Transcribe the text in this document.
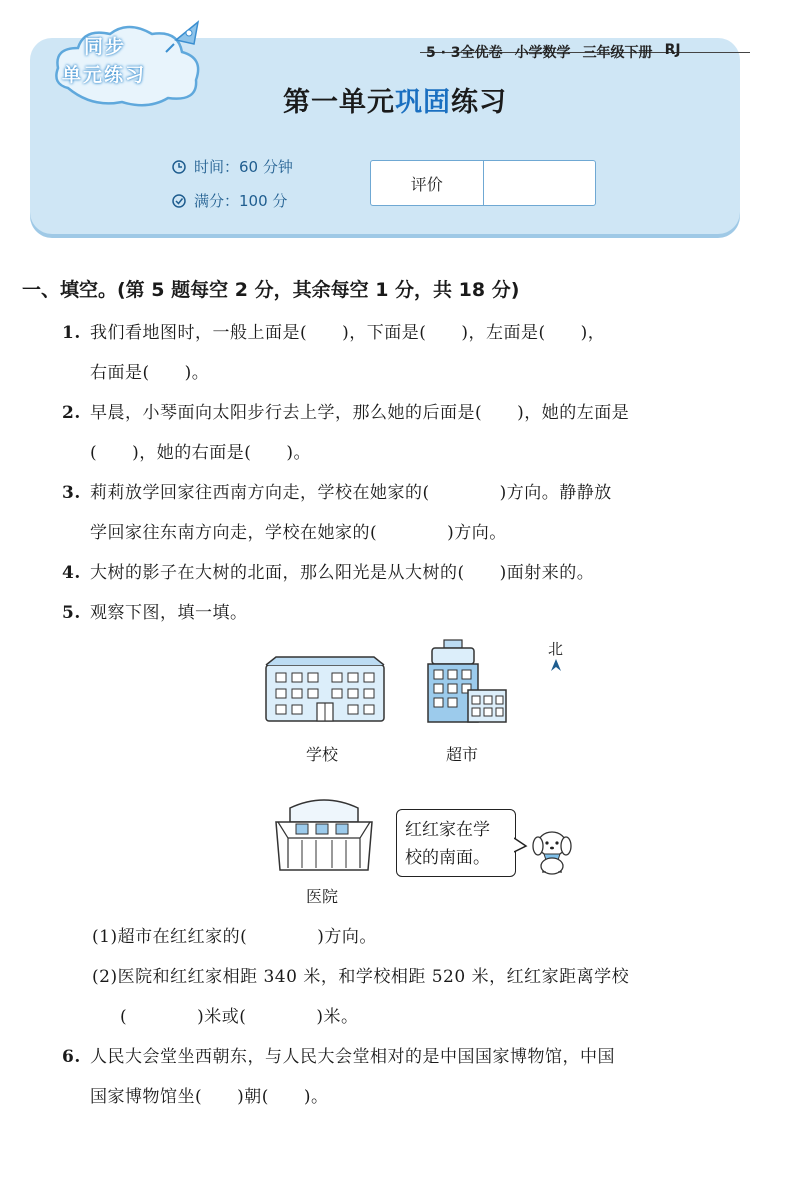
同步
单元练习
5 · 3全优卷 小学数学 三年级下册 RJ
第一单元巩固练习
时间：60 分钟
满分：100 分
评价
一、填空。(第 5 题每空 2 分，其余每空 1 分，共 18 分)
1. 我们看地图时，一般上面是(　　)，下面是(　　)，左面是(　　)，
右面是(　　)。
2. 早晨，小琴面向太阳步行去上学，那么她的后面是(　　)，她的左面是
(　　)，她的右面是(　　)。
3. 莉莉放学回家往西南方向走，学校在她家的(　　　　)方向。静静放
学回家往东南方向走，学校在她家的(　　　　)方向。
4. 大树的影子在大树的北面，那么阳光是从大树的(　　)面射来的。
5. 观察下图，填一填。
学校	超市
北
医院
红红家在学
校的南面。
(1)超市在红红家的(　　　　)方向。
(2)医院和红红家相距 340 米，和学校相距 520 米，红红家距离学校
(　　　　)米或(　　　　)米。
6. 人民大会堂坐西朝东，与人民大会堂相对的是中国国家博物馆，中国
国家博物馆坐(　　)朝(　　)。
